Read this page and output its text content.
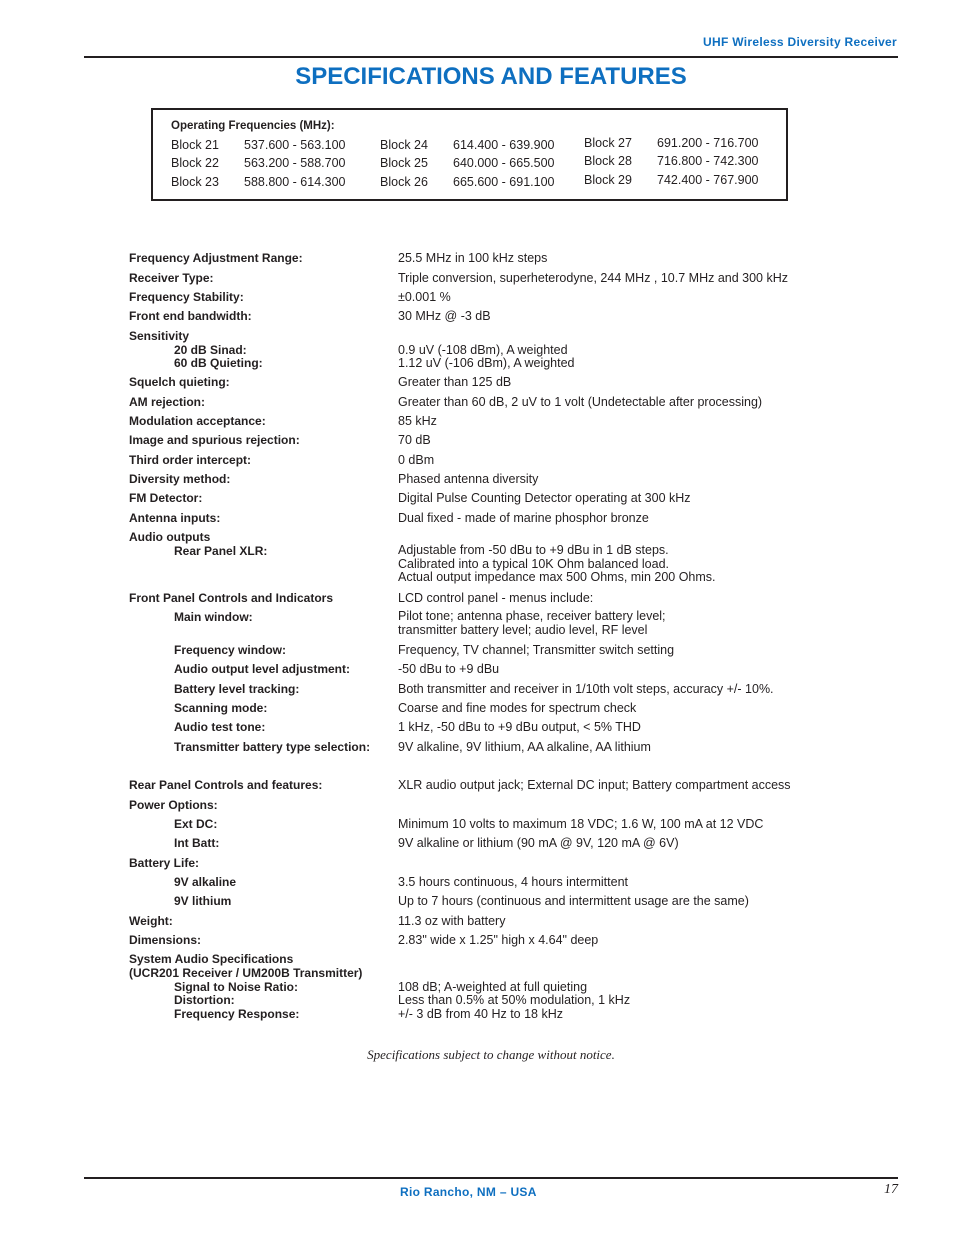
UHF Wireless Diversity Receiver
SPECIFICATIONS AND FEATURES
Operating Frequencies (MHz):
Block 21 537.600 - 563.100
Block 22 563.200 - 588.700
Block 23 588.800 - 614.300
Block 24 614.400 - 639.900
Block 25 640.000 - 665.500
Block 26 665.600 - 691.100
Block 27 691.200 - 716.700
Block 28 716.800 - 742.300
Block 29 742.400 - 767.900
Frequency Adjustment Range:	25.5 MHz in 100 kHz steps
Receiver Type:	Triple conversion, superheterodyne, 244 MHz , 10.7 MHz and 300 kHz
Frequency Stability:	±0.001 %
Front end bandwidth:	30 MHz @ -3 dB
Sensitivity
20 dB Sinad:	0.9 uV (-108 dBm), A weighted
60 dB Quieting:	1.12 uV (-106 dBm), A weighted
Squelch quieting:	Greater than 125 dB
AM rejection:	Greater than 60 dB, 2 uV to 1 volt (Undetectable after processing)
Modulation acceptance:	85 kHz
Image and spurious rejection:	70 dB
Third order intercept:	0 dBm
Diversity method:	Phased antenna diversity
FM Detector:	Digital Pulse Counting Detector operating at 300 kHz
Antenna inputs:	Dual fixed - made of marine phosphor bronze
Audio outputs
Rear Panel XLR:	Adjustable from -50 dBu to +9 dBu in 1 dB steps.
Calibrated into a typical 10K Ohm balanced load.
Actual output impedance max 500 Ohms, min 200 Ohms.
Front Panel Controls and Indicators	LCD control panel - menus include:
Main window:	Pilot tone; antenna phase, receiver battery level;
transmitter battery level; audio level, RF level
Frequency window:	Frequency, TV channel; Transmitter switch setting
Audio output level adjustment:	-50 dBu to +9 dBu
Battery level tracking:	Both transmitter and receiver in 1/10th volt steps, accuracy +/- 10%.
Scanning mode:	Coarse and fine modes for spectrum check
Audio test tone:	1 kHz, -50 dBu to +9 dBu output, < 5% THD
Transmitter battery type selection: 9V alkaline, 9V lithium, AA alkaline, AA lithium
Rear Panel Controls and features:	XLR audio output jack; External DC input; Battery compartment access
Power Options:
Ext DC:	Minimum 10 volts to maximum 18 VDC; 1.6 W, 100 mA at 12 VDC
Int Batt:	9V alkaline or lithium (90 mA @ 9V, 120 mA @ 6V)
Battery Life:
9V alkaline	3.5 hours continuous, 4 hours intermittent
9V lithium	Up to 7 hours (continuous and intermittent usage are the same)
Weight:	11.3 oz with battery
Dimensions:	2.83" wide x 1.25" high x 4.64" deep
System Audio Specifications
(UCR201 Receiver / UM200B Transmitter)
Signal to Noise Ratio:	108 dB; A-weighted at full quieting
Distortion:	Less than 0.5% at 50% modulation, 1 kHz
Frequency Response:	+/- 3 dB from 40 Hz to 18 kHz
Specifications subject to change without notice.
Rio Rancho, NM – USA	17
